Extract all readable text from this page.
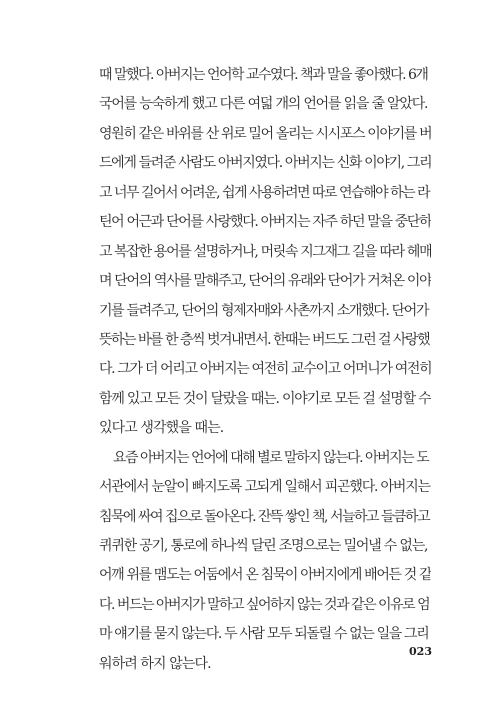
때 말했다. 아버지는 언어학 교수였다. 책과 말을 좋아했다. 6개
국어를 능숙하게 했고 다른 여덟 개의 언어를 읽을 줄 알았다.
영원히 같은 바위를 산 위로 밀어 올리는 시시포스 이야기를 버
드에게 들려준 사람도 아버지였다. 아버지는 신화 이야기, 그리
고 너무 길어서 어려운, 쉽게 사용하려면 따로 연습해야 하는 라
틴어 어근과 단어를 사랑했다. 아버지는 자주 하던 말을 중단하
고 복잡한 용어를 설명하거나, 머릿속 지그재그 길을 따라 헤매
며 단어의 역사를 말해주고, 단어의 유래와 단어가 거쳐온 이야
기를 들려주고, 단어의 형제자매와 사촌까지 소개했다. 단어가
뜻하는 바를 한 층씩 벗겨내면서. 한때는 버드도 그런 걸 사랑했
다. 그가 더 어리고 아버지는 여전히 교수이고 어머니가 여전히
함께 있고 모든 것이 달랐을 때는. 이야기로 모든 걸 설명할 수
있다고 생각했을 때는.
요즘 아버지는 언어에 대해 별로 말하지 않는다. 아버지는 도
서관에서 눈알이 빠지도록 고되게 일해서 피곤했다. 아버지는
침묵에 싸여 집으로 돌아온다. 잔뜩 쌓인 책, 서늘하고 들큼하고
퀴퀴한 공기, 통로에 하나씩 달린 조명으로는 밀어낼 수 없는,
어깨 위를 맴도는 어둠에서 온 침묵이 아버지에게 배어든 것 같
다. 버드는 아버지가 말하고 싶어하지 않는 것과 같은 이유로 엄
마 얘기를 묻지 않는다. 두 사람 모두 되돌릴 수 없는 일을 그리
워하려 하지 않는다.
023
